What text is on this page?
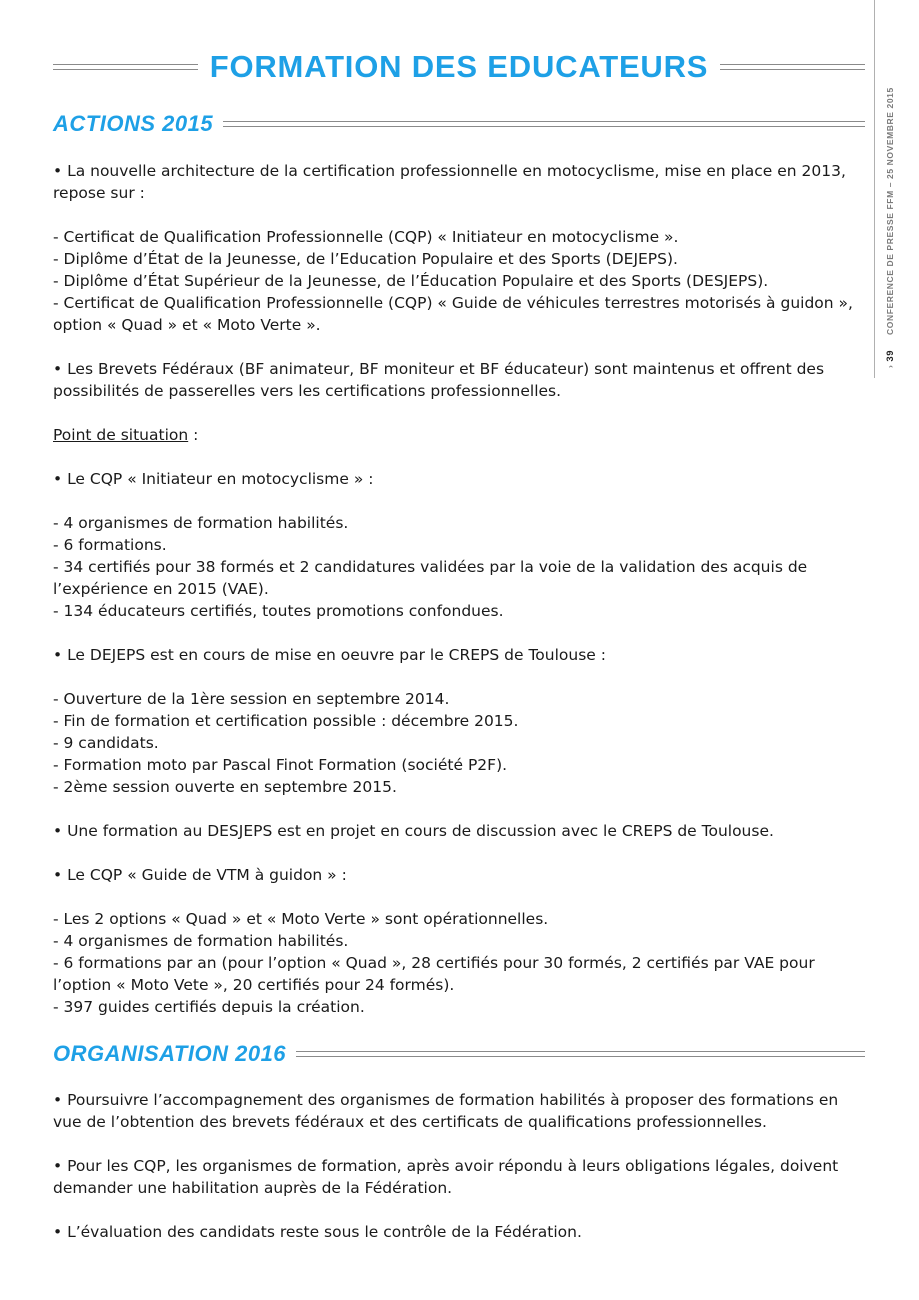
› 39     CONFERENCE DE PRESSE FFM – 25 NOVEMBRE 2015
FORMATION DES EDUCATEURS
ACTIONS 2015

• La nouvelle architecture de la certification professionnelle en motocyclisme, mise en place en 2013, repose sur :

- Certificat de Qualification Professionnelle (CQP) « Initiateur en motocyclisme ».

- Diplôme d’État de la Jeunesse, de l’Education Populaire et des Sports (DEJEPS).

- Diplôme d’État Supérieur de la Jeunesse, de l’Éducation Populaire et des Sports (DESJEPS).

- Certificat de Qualification Professionnelle (CQP) « Guide de véhicules terrestres motorisés à guidon », option « Quad » et « Moto Verte ».

• Les Brevets Fédéraux (BF animateur, BF moniteur et BF éducateur) sont maintenus et offrent des possibilités de passerelles vers les certifications professionnelles.

Point de situation :

• Le CQP « Initiateur en motocyclisme » :

- 4 organismes de formation habilités.

- 6 formations.

- 34 certifiés pour 38 formés et 2 candidatures validées par la voie de la validation des acquis de l’expérience en 2015 (VAE).

- 134 éducateurs certifiés, toutes promotions confondues.

• Le DEJEPS est en cours de mise en oeuvre par le CREPS de Toulouse :

- Ouverture de la 1ère session en septembre 2014.

- Fin de formation et certification possible : décembre 2015.

- 9 candidats.

- Formation moto par Pascal Finot Formation (société P2F).

- 2ème session ouverte en septembre 2015.

• Une formation au DESJEPS est en projet en cours de discussion avec le CREPS de Toulouse.

• Le CQP « Guide de VTM à guidon » :

- Les 2 options « Quad » et « Moto Verte » sont opérationnelles.

- 4 organismes de formation habilités.

- 6 formations par an (pour l’option « Quad », 28 certifiés pour 30 formés, 2 certifiés par VAE pour l’option « Moto Vete », 20 certifiés pour 24 formés).

- 397 guides certifiés depuis la création.

ORGANISATION 2016

• Poursuivre l’accompagnement des organismes de formation habilités à proposer des formations en vue de l’obtention des brevets fédéraux et des certificats de qualifications professionnelles.

• Pour les CQP, les organismes de formation, après avoir répondu à leurs obligations légales, doivent demander une habilitation auprès de la Fédération.

• L’évaluation des candidats reste sous le contrôle de la Fédération.
